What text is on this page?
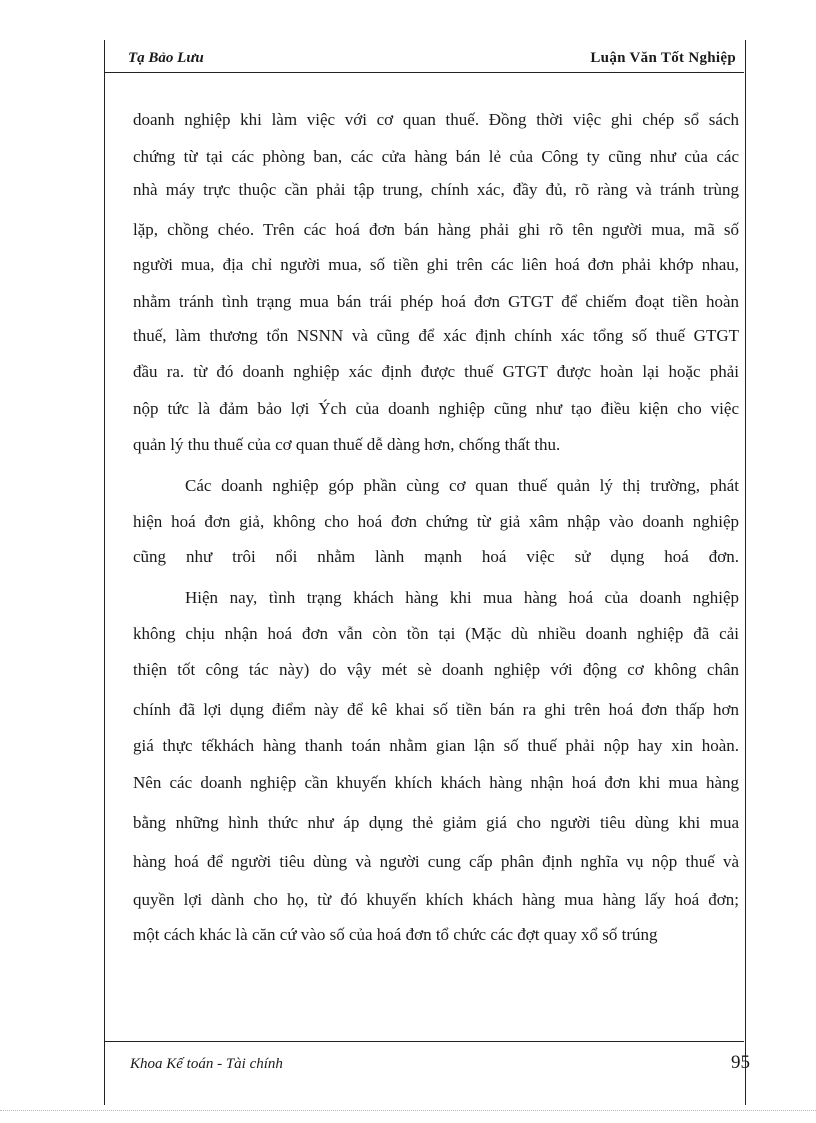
Tạ Bảo Lưu	Luận Văn Tốt Nghiệp
doanh nghiệp khi làm việc với cơ quan thuế. Đồng thời việc ghi chép sổ sách
chứng từ tại các phòng ban, các cửa hàng bán lẻ của Công ty cũng như của các
nhà máy trực thuộc cần phải tập trung, chính xác, đầy đủ, rõ ràng và tránh trùng
lặp, chồng chéo. Trên các hoá đơn bán hàng phải ghi rõ tên người mua, mã số
người mua, địa chỉ người mua, số tiền ghi trên các liên hoá đơn phải khớp nhau,
nhằm tránh tình trạng mua bán trái phép hoá đơn GTGT để chiếm đoạt tiền hoàn
thuế, làm thương tổn NSNN và cũng để xác định chính xác tổng số thuế GTGT
đầu ra. từ đó doanh nghiệp xác định được thuế GTGT được hoàn lại hoặc phải
nộp tức là đảm bảo lợi Ých của doanh nghiệp cũng như tạo điều kiện cho việc
quản lý thu thuế của cơ quan thuế dễ dàng hơn, chống thất thu.
Các doanh nghiệp góp phần cùng cơ quan thuế quản lý thị trường, phát
hiện hoá đơn giả, không cho hoá đơn chứng từ giả xâm nhập vào doanh nghiệp
cũng như trôi nổi nhằm lành mạnh hoá việc sử dụng hoá đơn.
Hiện nay, tình trạng khách hàng khi mua hàng hoá của doanh nghiệp
không chịu nhận hoá đơn vẫn còn tồn tại (Mặc dù nhiều doanh nghiệp đã cải
thiện tốt công tác này) do vậy mét sè doanh nghiệp với động cơ không chân
chính đã lợi dụng điểm này để kê khai số tiền bán ra ghi trên hoá đơn thấp hơn
giá thực tếkhách hàng thanh toán nhằm gian lận số thuế phải nộp hay xin hoàn.
Nên các doanh nghiệp cần khuyến khích khách hàng nhận hoá đơn khi mua hàng
bằng những hình thức như áp dụng thẻ giảm giá cho người tiêu dùng khi mua
hàng hoá để người tiêu dùng và người cung cấp phân định nghĩa vụ nộp thuế và
quyền lợi dành cho họ, từ đó khuyến khích khách hàng mua hàng lấy hoá đơn;
một cách khác là căn cứ vào số của hoá đơn tổ chức các đợt quay xổ số trúng
Khoa Kế toán - Tài chính	95
